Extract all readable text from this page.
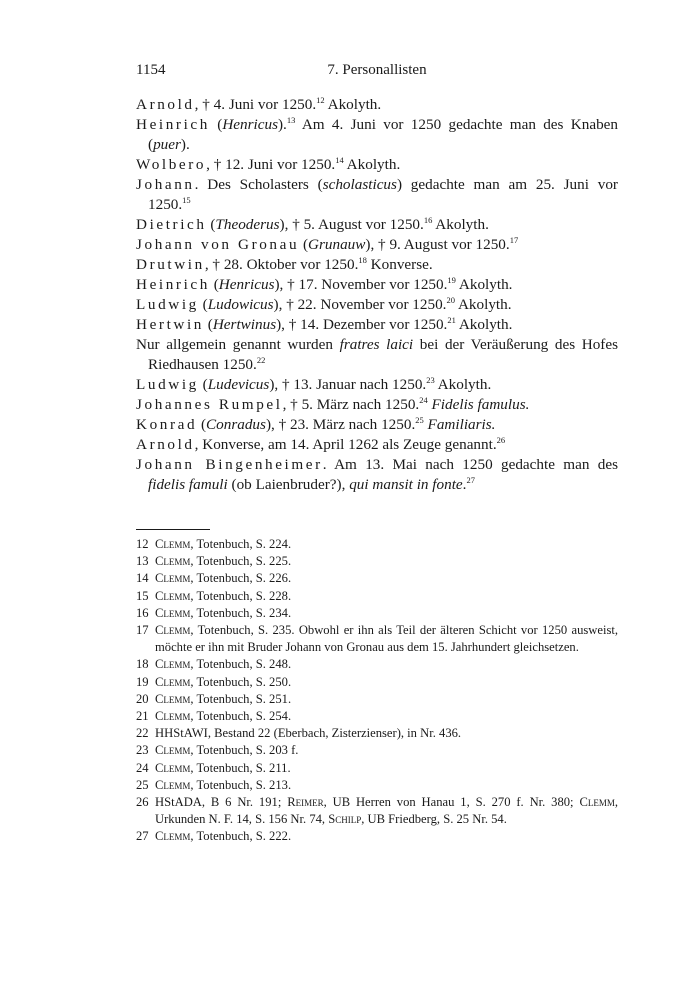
1154	7. Personallisten
Arnold, † 4. Juni vor 1250.12 Akolyth.
Heinrich (Henricus).$^{13}$ Am 4. Juni vor 1250 gedachte man des Knaben (puer).
Wolbero, † 12. Juni vor 1250.14 Akolyth.
Johann. Des Scholasters (scholasticus) gedachte man am 25. Juni vor 1250.15
Dietrich (Theoderus), † 5. August vor 1250.16 Akolyth.
Johann von Gronau (Grunauw), † 9. August vor 1250.17
Drutwin, † 28. Oktober vor 1250.18 Konverse.
Heinrich (Henricus), † 17. November vor 1250.19 Akolyth.
Ludwig (Ludowicus), † 22. November vor 1250.20 Akolyth.
Hertwin (Hertwinus), † 14. Dezember vor 1250.21 Akolyth.
Nur allgemein genannt wurden fratres laici bei der Veräußerung des Hofes Riedhausen 1250.22
Ludwig (Ludevicus), † 13. Januar nach 1250.23 Akolyth.
Johannes Rumpel, † 5. März nach 1250.24 Fidelis famulus.
Konrad (Conradus), † 23. März nach 1250.25 Familiaris.
Arnold, Konverse, am 14. April 1262 als Zeuge genannt.$^{26}$
Johann Bingenheimer. Am 13. Mai nach 1250 gedachte man des fidelis famuli (ob Laienbruder?), qui mansit in fonte.$^{27}$
12 Clemm, Totenbuch, S. 224.
13 Clemm, Totenbuch, S. 225.
14 Clemm, Totenbuch, S. 226.
15 Clemm, Totenbuch, S. 228.
16 Clemm, Totenbuch, S. 234.
17 Clemm, Totenbuch, S. 235. Obwohl er ihn als Teil der älteren Schicht vor 1250 ausweist, möchte er ihn mit Bruder Johann von Gronau aus dem 15. Jahrhundert gleichsetzen.
18 Clemm, Totenbuch, S. 248.
19 Clemm, Totenbuch, S. 250.
20 Clemm, Totenbuch, S. 251.
21 Clemm, Totenbuch, S. 254.
22 HHStAWI, Bestand 22 (Eberbach, Zisterzienser), in Nr. 436.
23 Clemm, Totenbuch, S. 203 f.
24 Clemm, Totenbuch, S. 211.
25 Clemm, Totenbuch, S. 213.
26 HStADA, B 6 Nr. 191; Reimer, UB Herren von Hanau 1, S. 270 f. Nr. 380; Clemm, Urkunden N. F. 14, S. 156 Nr. 74, Schilp, UB Friedberg, S. 25 Nr. 54.
27 Clemm, Totenbuch, S. 222.
